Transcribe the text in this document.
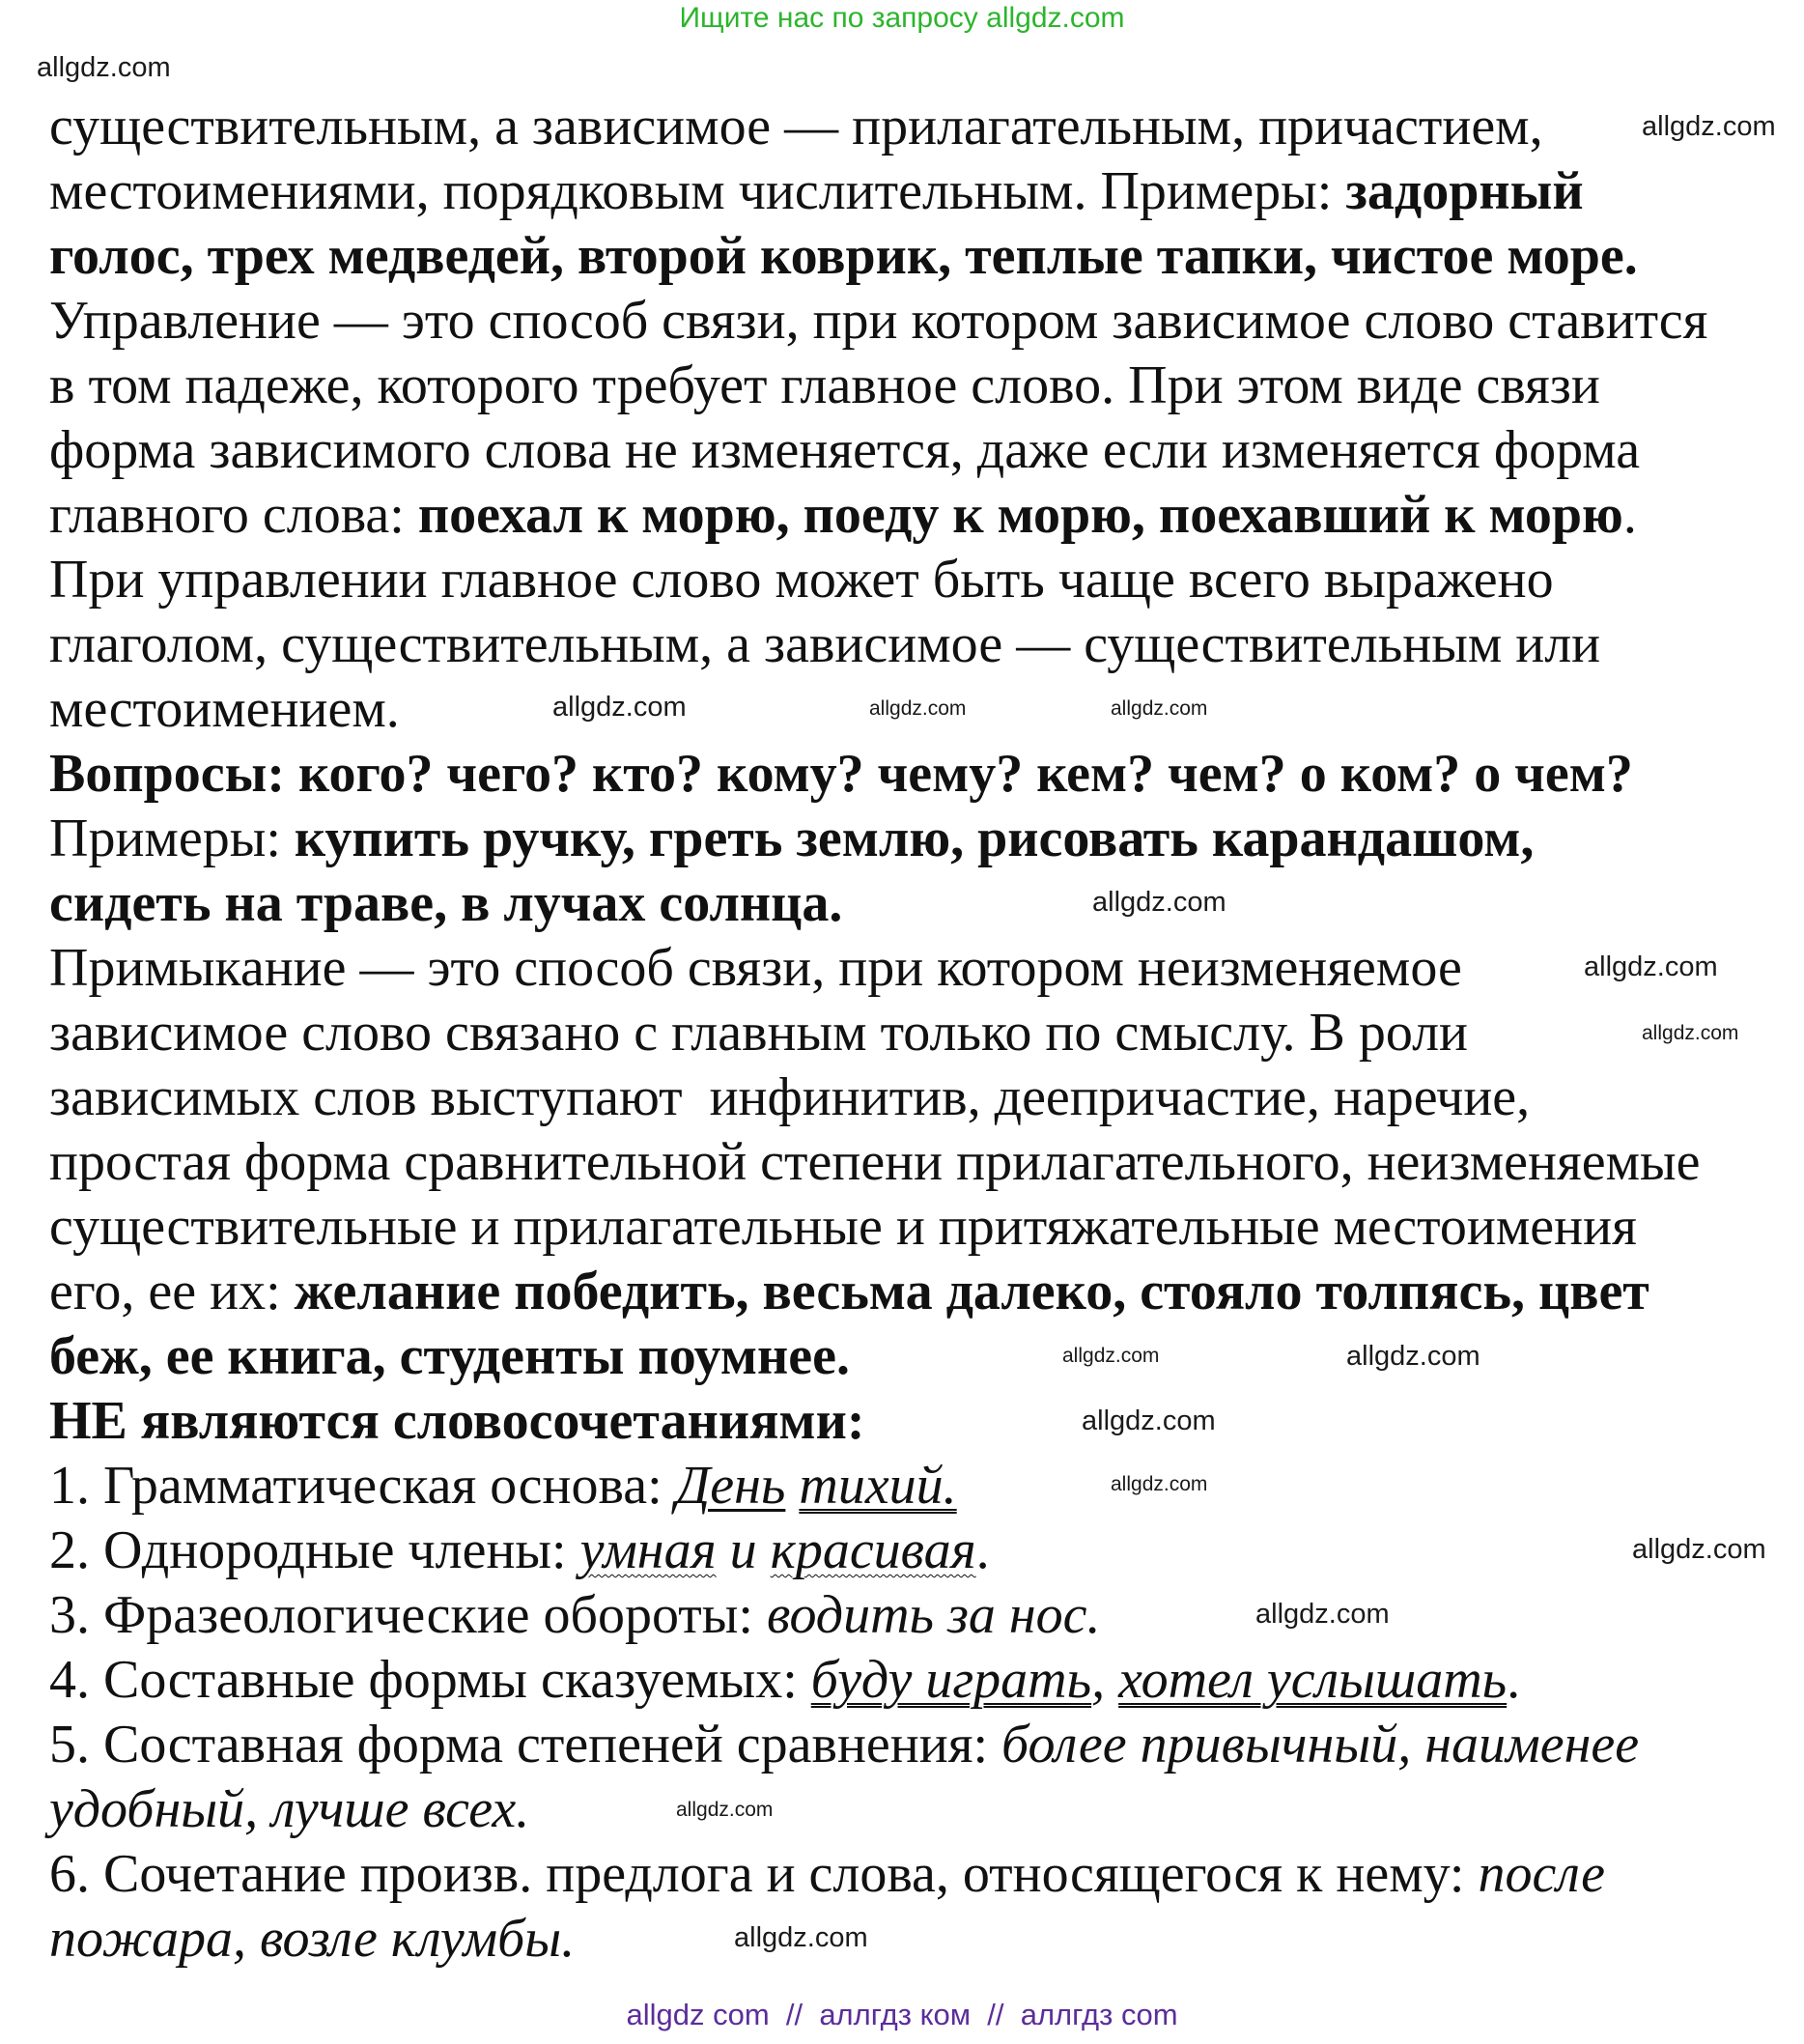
Ищите нас по запросу allgdz.com
существительным, а зависимое — прилагательным, причастием,
местоимениями, порядковым числительным. Примеры: задорный
голос, трех медведей, второй коврик, теплые тапки, чистое море.
Управление — это способ связи, при котором зависимое слово ставится
в том падеже, которого требует главное слово. При этом виде связи
форма зависимого слова не изменяется, даже если изменяется форма
главного слова: поехал к морю, поеду к морю, поехавший к морю.
При управлении главное слово может быть чаще всего выражено
глаголом, существительным, а зависимое — существительным или
местоимением.
Вопросы: кого? чего? кто? кому? чему? кем? чем? о ком? о чем?
Примеры: купить ручку, греть землю, рисовать карандашом,
сидеть на траве, в лучах солнца.
Примыкание — это способ связи, при котором неизменяемое
зависимое слово связано с главным только по смыслу. В роли
зависимых слов выступают  инфинитив, деепричастие, наречие,
простая форма сравнительной степени прилагательного, неизменяемые
существительные и прилагательные и притяжательные местоимения
его, ее их: желание победить, весьма далеко, стояло толпясь, цвет
беж, ее книга, студенты поумнее.
НЕ являются словосочетаниями:
1. Грамматическая основа: День тихий.
2. Однородные члены: умная и красивая.
3. Фразеологические обороты: водить за нос.
4. Составные формы сказуемых: буду играть, хотел услышать.
5. Составная форма степеней сравнения: более привычный, наименее
удобный, лучше всех.
6. Сочетание произв. предлога и слова, относящегося к нему: после
пожара, возле клумбы.
allgdz.com
allgdz.com
allgdz.com	allgdz.com	allgdz.com
allgdz.com
allgdz.com
allgdz.com
allgdz.com	allgdz.com
allgdz.com
allgdz.com
allgdz.com
allgdz.com
allgdz.com
allgdz.com
allgdz com  //  аллгдз ком  //  аллгдз com
